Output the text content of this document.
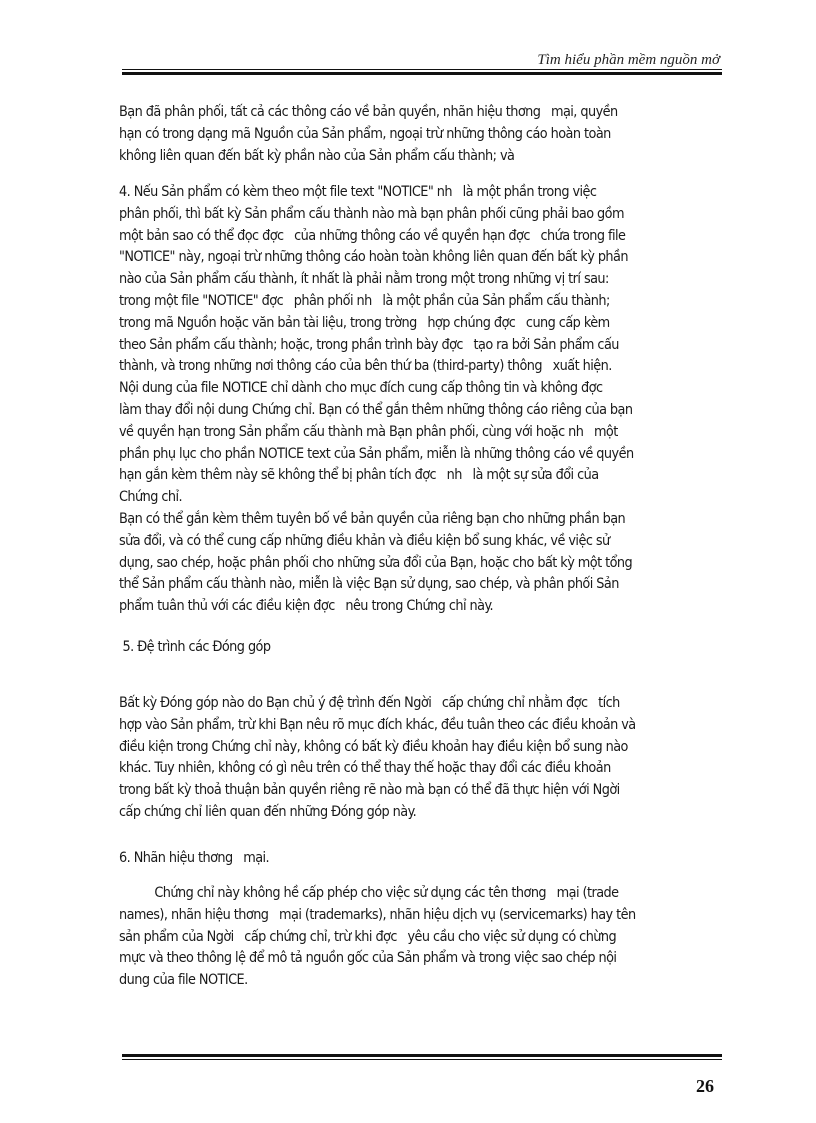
Tìm hiểu phần mềm nguồn mở
Bạn đã phân phối, tất cả các thông cáo về bản quyền, nhãn hiệu thơng   mại, quyền
hạn có trong dạng mã Nguồn của Sản phẩm, ngoại trừ những thông cáo hoàn toàn
không liên quan đến bất kỳ phần nào của Sản phẩm cấu thành; và
4. Nếu Sản phẩm có kèm theo một file text "NOTICE" nh   là một phần trong việc
phân phối, thì bất kỳ Sản phẩm cấu thành nào mà bạn phân phối cũng phải bao gồm
một bản sao có thể đọc đợc   của những thông cáo về quyền hạn đợc   chứa trong file
"NOTICE" này, ngoại trừ những thông cáo hoàn toàn không liên quan đến bất kỳ phần
nào của Sản phẩm cấu thành, ít nhất là phải nằm trong một trong những vị trí sau:
trong một file "NOTICE" đợc   phân phối nh   là một phần của Sản phẩm cấu thành;
trong mã Nguồn hoặc văn bản tài liệu, trong trờng   hợp chúng đợc   cung cấp kèm
theo Sản phẩm cấu thành; hoặc, trong phần trình bày đợc   tạo ra bởi Sản phẩm cấu
thành, và trong những nơi thông cáo của bên thứ ba (third-party) thông   xuất hiện.
Nội dung của file NOTICE chỉ dành cho mục đích cung cấp thông tin và không đợc
làm thay đổi nội dung Chứng chỉ. Bạn có thể gắn thêm những thông cáo riêng của bạn
về quyền hạn trong Sản phẩm cấu thành mà Bạn phân phối, cùng với hoặc nh   một
phần phụ lục cho phần NOTICE text của Sản phẩm, miễn là những thông cáo về quyền
hạn gắn kèm thêm này sẽ không thể bị phân tích đợc   nh   là một sự sửa đổi của
Chứng chỉ.
Bạn có thể gắn kèm thêm tuyên bố về bản quyền của riêng bạn cho những phần bạn
sửa đổi, và có thể cung cấp những điều khản và điều kiện bổ sung khác, về việc sử
dụng, sao chép, hoặc phân phối cho những sửa đổi của Bạn, hoặc cho bất kỳ một tổng
thể Sản phẩm cấu thành nào, miễn là việc Bạn sử dụng, sao chép, và phân phối Sản
phẩm tuân thủ với các điều kiện đợc   nêu trong Chứng chỉ này.
5. Đệ trình các Đóng góp
Bất kỳ Đóng góp nào do Bạn chủ ý đệ trình đến Ngời   cấp chứng chỉ nhằm đợc   tích
hợp vào Sản phẩm, trừ khi Bạn nêu rõ mục đích khác, đều tuân theo các điều khoản và
điều kiện trong Chứng chỉ này, không có bất kỳ điều khoản hay điều kiện bổ sung nào
khác. Tuy nhiên, không có gì nêu trên có thể thay thế hoặc thay đổi các điều khoản
trong bất kỳ thoả thuận bản quyền riêng rẽ nào mà bạn có thể đã thực hiện với Ngời
cấp chứng chỉ liên quan đến những Đóng góp này.
6. Nhãn hiệu thơng   mại.
Chứng chỉ này không hề cấp phép cho việc sử dụng các tên thơng   mại (trade
names), nhãn hiệu thơng   mại (trademarks), nhãn hiệu dịch vụ (servicemarks) hay tên
sản phẩm của Ngời   cấp chứng chỉ, trừ khi đợc   yêu cầu cho việc sử dụng có chừng
mực và theo thông lệ để mô tả nguồn gốc của Sản phẩm và trong việc sao chép nội
dung của file NOTICE.
26
